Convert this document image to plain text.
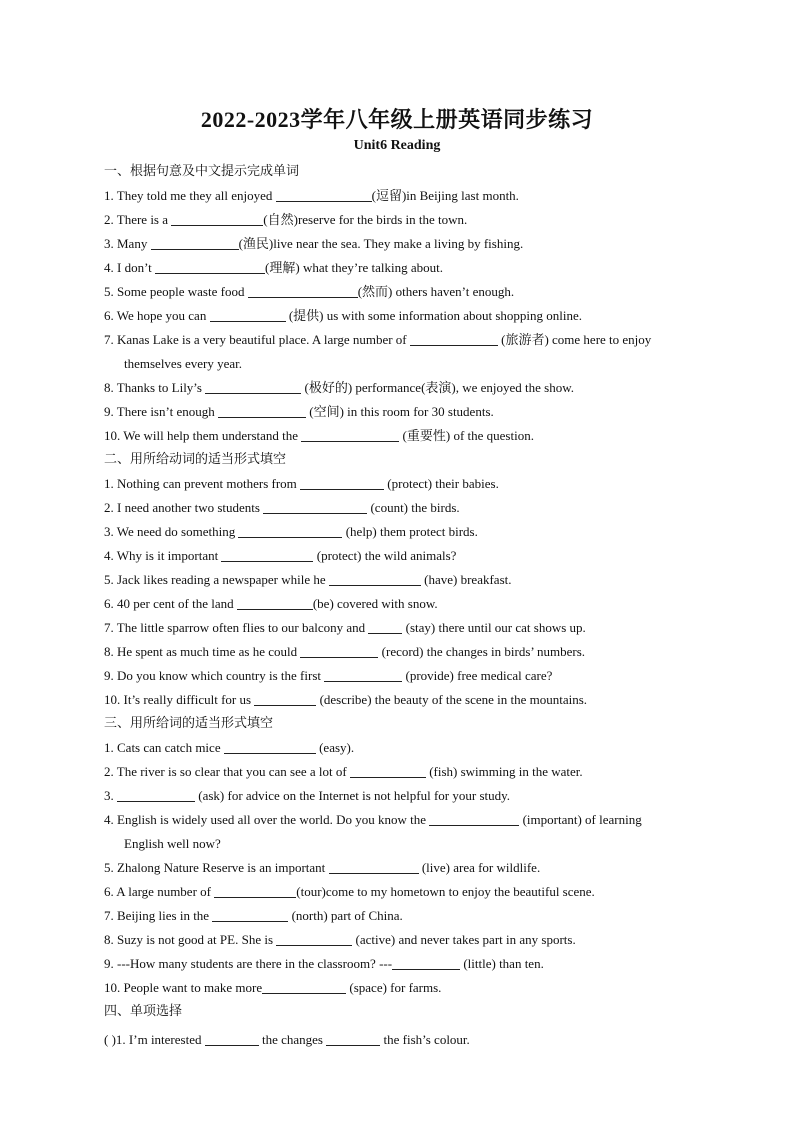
2022-2023学年八年级上册英语同步练习
Unit6 Reading
一、根据句意及中文提示完成单词
1. They told me they all enjoyed	(逗留)in Beijing last month.
2. There is a	(自然)reserve for the birds in the town.
3. Many	(渔民)live near the sea. They make a living by fishing.
4. I don’t	(理解) what they’re talking about.
5. Some people waste food	(然而) others haven’t enough.
6. We hope you can	(提供) us with some information about shopping online.
7. Kanas Lake is a very beautiful place. A large number of	(旅游者) come here to enjoy
themselves every year.
8. Thanks to Lily’s	(极好的) performance(表演), we enjoyed the show.
9. There isn’t enough	(空间) in this room for 30 students.
10. We will help them understand the	(重要性) of the question.
二、用所给动词的适当形式填空
1. Nothing can prevent mothers from	(protect) their babies.
2. I need another two students	(count) the birds.
3. We need do something	(help) them protect birds.
4. Why is it important	(protect) the wild animals?
5. Jack likes reading a newspaper while he	(have) breakfast.
6. 40 per cent of the land	(be) covered with snow.
7. The little sparrow often flies to our balcony and	(stay) there until our cat shows up.
8. He spent as much time as he could	(record) the changes in birds’ numbers.
9. Do you know which country is the first	(provide) free medical care?
10. It’s really difficult for us	(describe) the beauty of the scene in the mountains.
三、用所给词的适当形式填空
1. Cats can catch mice	(easy).
2. The river is so clear that you can see a lot of	(fish) swimming in the water.
3.	(ask) for advice on the Internet is not helpful for your study.
4. English is widely used all over the world. Do you know the	(important) of learning
English well now?
5. Zhalong Nature Reserve is an important	(live) area for wildlife.
6. A large number of	(tour)come to my hometown to enjoy the beautiful scene.
7. Beijing lies in the	(north) part of China.
8. Suzy is not good at PE. She is	(active) and never takes part in any sports.
9. ---How many students are there in the classroom? ---	(little) than ten.
10. People want to make more	(space) for farms.
四、单项选择
( )1. I’m interested	the changes	the fish’s colour.
